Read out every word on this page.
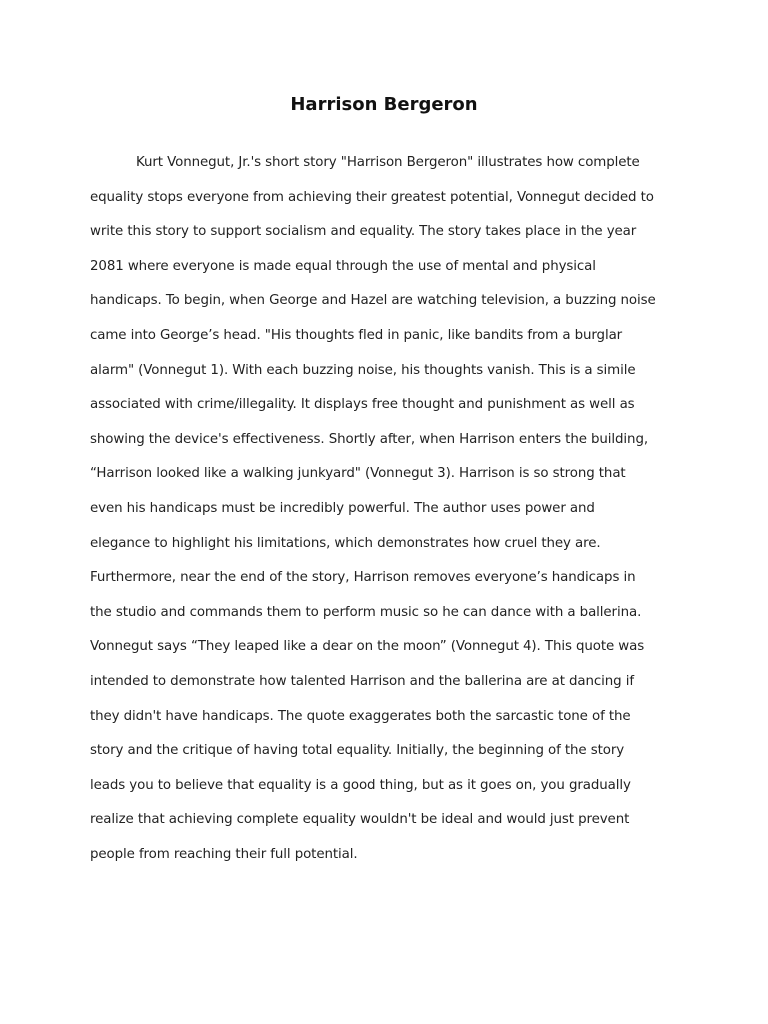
Harrison Bergeron
Kurt Vonnegut, Jr.'s short story "Harrison Bergeron" illustrates how complete
equality stops everyone from achieving their greatest potential, Vonnegut decided to
write this story to support socialism and equality. The story takes place in the year
2081 where everyone is made equal through the use of mental and physical
handicaps. To begin, when George and Hazel are watching television, a buzzing noise
came into George’s head. "His thoughts fled in panic, like bandits from a burglar
alarm" (Vonnegut 1). With each buzzing noise, his thoughts vanish. This is a simile
associated with crime/illegality. It displays free thought and punishment as well as
showing the device's effectiveness. Shortly after, when Harrison enters the building,
“Harrison looked like a walking junkyard" (Vonnegut 3). Harrison is so strong that
even his handicaps must be incredibly powerful. The author uses power and
elegance to highlight his limitations, which demonstrates how cruel they are.
Furthermore, near the end of the story, Harrison removes everyone’s handicaps in
the studio and commands them to perform music so he can dance with a ballerina.
Vonnegut says “They leaped like a dear on the moon” (Vonnegut 4). This quote was
intended to demonstrate how talented Harrison and the ballerina are at dancing if
they didn't have handicaps. The quote exaggerates both the sarcastic tone of the
story and the critique of having total equality. Initially, the beginning of the story
leads you to believe that equality is a good thing, but as it goes on, you gradually
realize that achieving complete equality wouldn't be ideal and would just prevent
people from reaching their full potential.
